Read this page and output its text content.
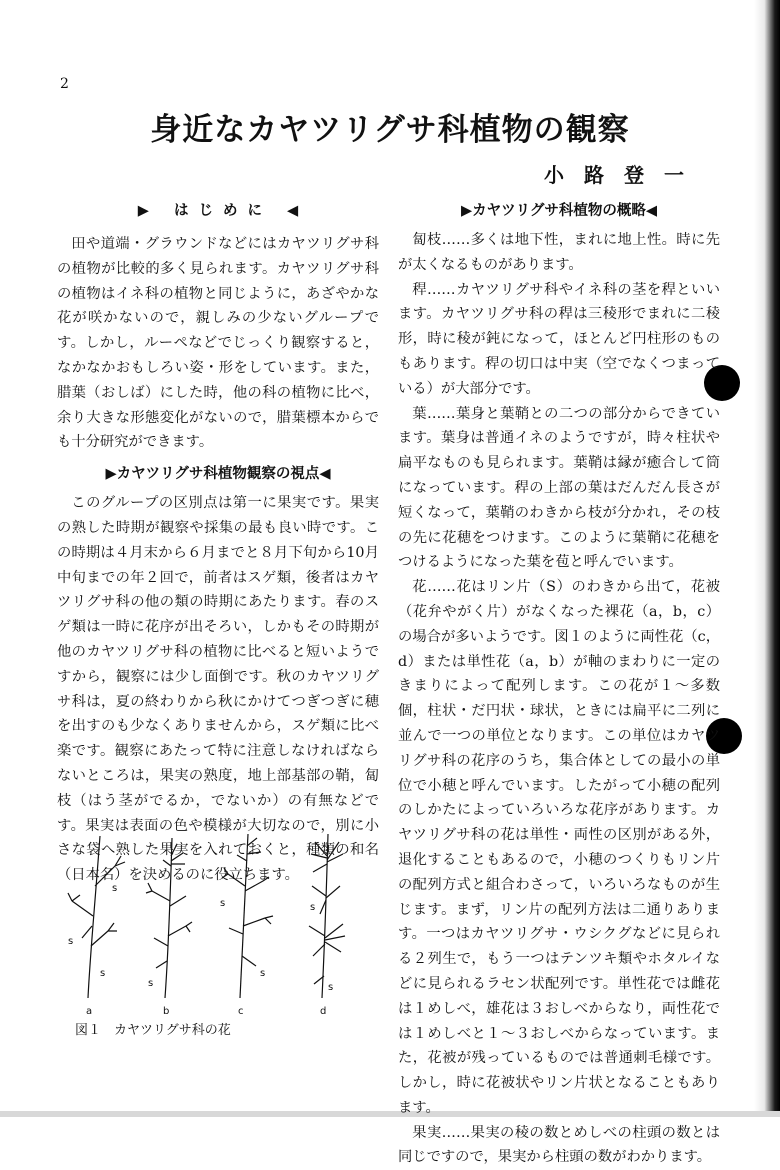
2
身近なカヤツリグサ科植物の観察
小路登一
▶ はじめに ◀

田や道端・グラウンドなどにはカヤツリグサ科の植物が比較的多く見られます。カヤツリグサ科の植物はイネ科の植物と同じように，あざやかな花が咲かないので，親しみの少ないグループです。しかし，ルーペなどでじっくり観察すると，なかなかおもしろい姿・形をしています。また，腊葉（おしば）にした時，他の科の植物に比べ，余り大きな形態変化がないので，腊葉標本からでも十分研究ができます。

▶カヤツリグサ科植物観察の視点◀

このグループの区別点は第一に果実です。果実の熟した時期が観察や採集の最も良い時です。この時期は４月末から６月までと８月下旬から10月中旬までの年２回で，前者はスゲ類，後者はカヤツリグサ科の他の類の時期にあたります。春のスゲ類は一時に花序が出そろい，しかもその時期が他のカヤツリグサ科の植物に比べると短いようですから，観察には少し面倒です。秋のカヤツリグサ科は，夏の終わりから秋にかけてつぎつぎに穂を出すのも少なくありませんから，スゲ類に比べ楽です。観察にあたって特に注意しなければならないところは，果実の熟度，地上部基部の鞘，匐枝（はう茎がでるか，でないか）の有無などです。果実は表面の色や模様が大切なので，別に小さな袋へ熟した果実を入れておくと，種類の和名（日本名）を決めるのに役立ちます。

▶カヤツリグサ科植物の概略◀

匐枝……多くは地下性，まれに地上性。時に先が太くなるものがあります。

稈……カヤツリグサ科やイネ科の茎を稈といいます。カヤツリグサ科の稈は三稜形でまれに二稜形，時に稜が鈍になって，ほとんど円柱形のものもあります。稈の切口は中実（空でなくつまっている）が大部分です。

葉……葉身と葉鞘との二つの部分からできています。葉身は普通イネのようですが，時々柱状や扁平なものも見られます。葉鞘は縁が癒合して筒になっています。稈の上部の葉はだんだん長さが短くなって，葉鞘のわきから枝が分かれ，その枝の先に花穂をつけます。このように葉鞘に花穂をつけるようになった葉を苞と呼んでいます。

花……花はリン片（S）のわきから出て，花被（花弁やがく片）がなくなった裸花（a，b，c）の場合が多いようです。図１のように両性花（c，d）または単性花（a，b）が軸のまわりに一定のきまりによって配列します。この花が１～多数個，柱状・だ円状・球状，ときには扁平に二列に並んで一つの単位となります。この単位はカヤツリグサ科の花序のうち，集合体としての最小の単位で小穂と呼んでいます。したがって小穂の配列のしかたによっていろいろな花序があります。カヤツリグサ科の花は単性・両性の区別がある外，退化することもあるので，小穂のつくりもリン片の配列方式と組合わさって，いろいろなものが生じます。まず，リン片の配列方法は二通りあります。一つはカヤツリグサ・ウシクグなどに見られる２列生で，もう一つはテンツキ類やホタルイなどに見られるラセン状配列です。単性花では雌花は１めしべ，雄花は３おしべからなり，両性花では１めしべと１～３おしべからなっています。また，花被が残っているものでは普通刺毛様です。しかし，時に花被状やリン片状となることもあります。

果実……果実の稜の数とめしべの柱頭の数とは同じですので，果実から柱頭の数がわかります。

a	b	c	d
s
s
s
s
s
s
s
s
図１　カヤツリグサ科の花
